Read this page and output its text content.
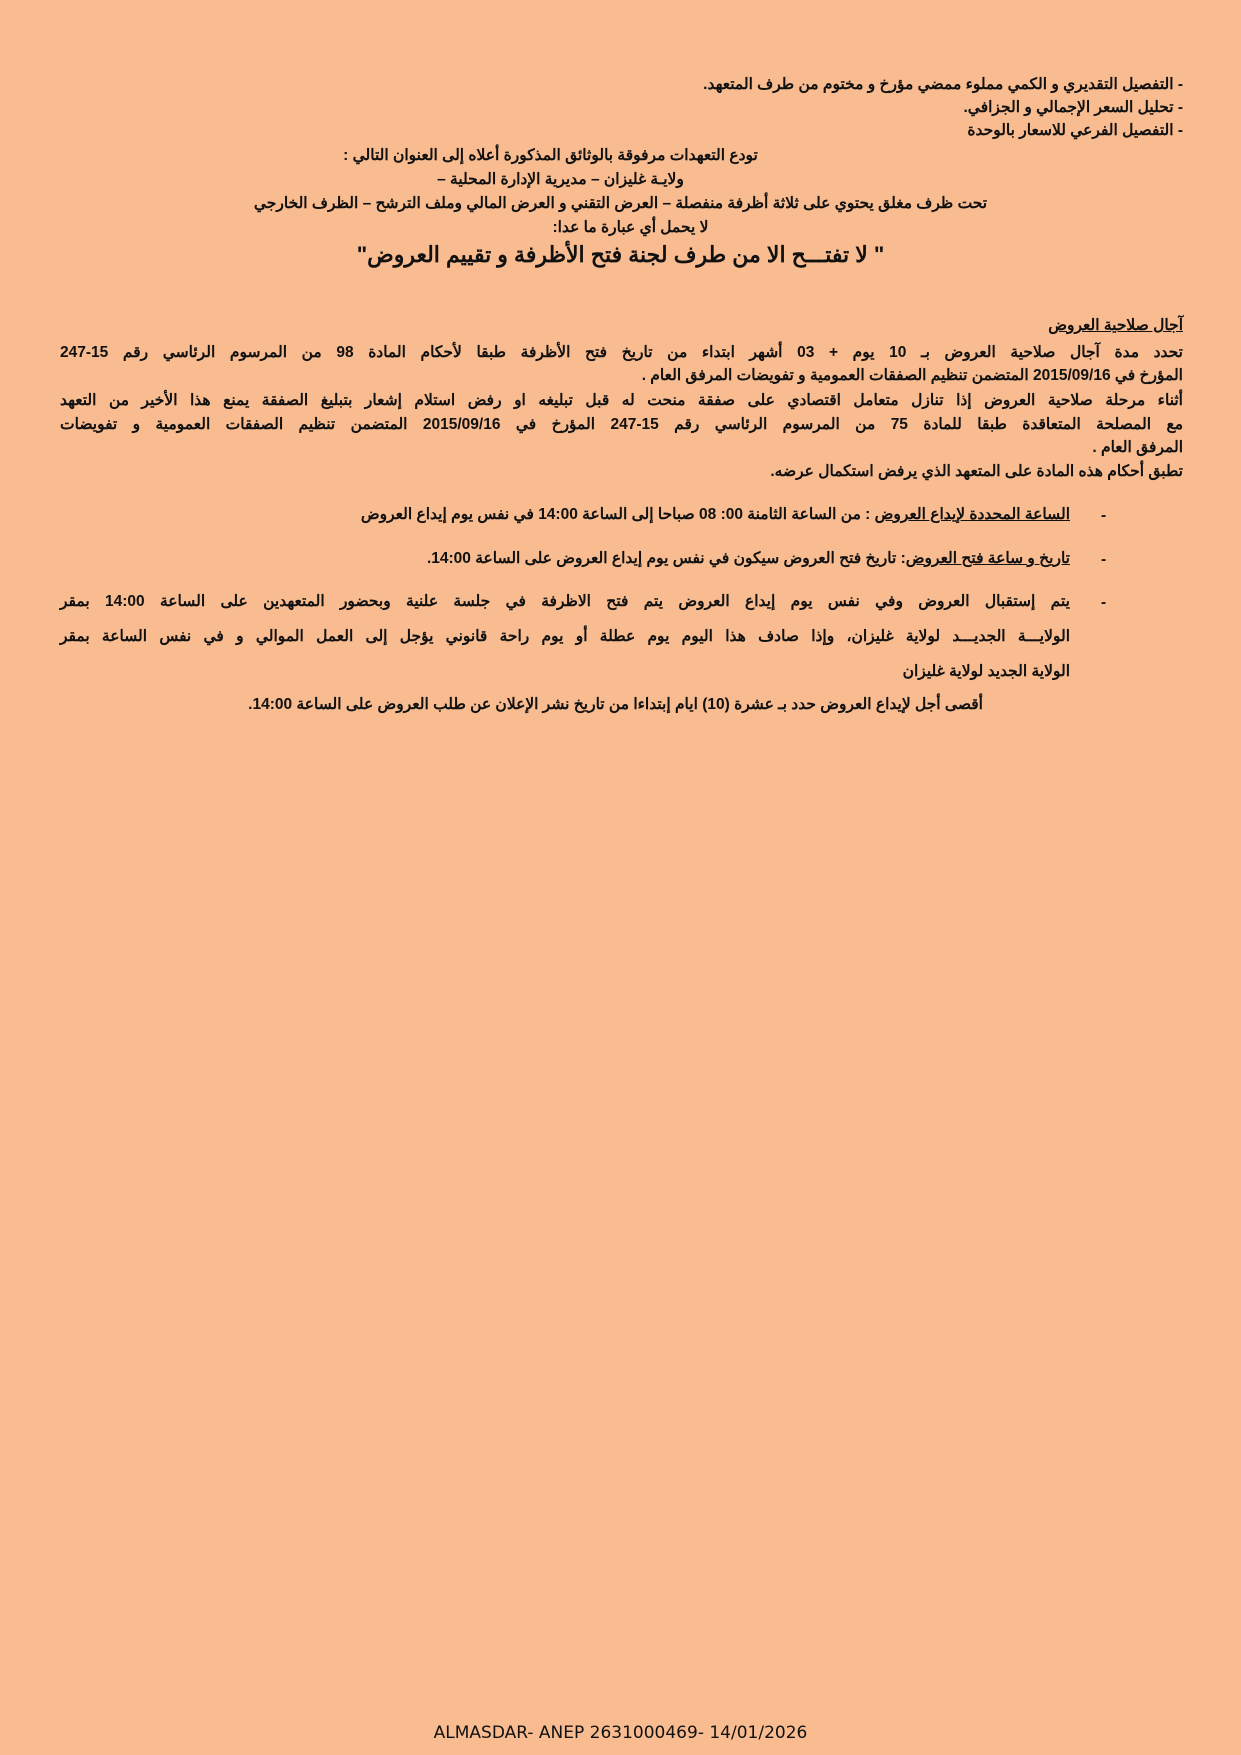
- التفصيل التقديري و الكمي مملوء ممضي مؤرخ و مختوم من طرف المتعهد.
- تحليل السعر الإجمالي و الجزافي.
- التفصيل الفرعي للاسعار بالوحدة
تودع التعهدات مرفوقة بالوثائق المذكورة أعلاه إلى العنوان التالي :
ولايـة غليزان – مديرية الإدارة المحلية –
تحت ظرف مغلق يحتوي على ثلاثة أظرفة منفصلة – العرض التقني و العرض المالي وملف الترشح – الظرف الخارجي
لا يحمل أي عبارة ما عدا:
" لا تفتـــح الا من طرف لجنة فتح الأظرفة و تقييم العروض"
آجال صلاحية العروض
تحدد مدة آجال صلاحية العروض بـ 10 يوم + 03 أشهر ابتداء من تاريخ فتح الأظرفة طبقا لأحكام المادة 98 من المرسوم الرئاسي رقم 15-247
المؤرخ في 2015/09/16 المتضمن تنظيم الصفقات العمومية و تفويضات المرفق العام .
أثناء مرحلة صلاحية العروض إذا تنازل متعامل اقتصادي على صفقة منحت له قبل تبليغه او رفض استلام إشعار بتبليغ الصفقة يمنع هذا الأخير من التعهد
مع المصلحة المتعاقدة طبقا للمادة 75 من المرسوم الرئاسي رقم 15-247 المؤرخ في 2015/09/16 المتضمن تنظيم الصفقات العمومية و تفويضات
المرفق العام .
تطبق أحكام هذه المادة على المتعهد الذي يرفض استكمال عرضه.
-
الساعة المحددة لإيداع العروض : من الساعة الثامنة 00: 08 صباحا إلى الساعة 14:00 في نفس يوم إيداع العروض
-
تاريخ و ساعة فتح العروض: تاريخ فتح العروض سيكون في نفس يوم إيداع العروض على الساعة 14:00.
-
يتم إستقبال العروض وفي نفس يوم إيداع العروض يتم فتح الاظرفة في جلسة علنية وبحضور المتعهدين على الساعة 14:00 بمقر
الولايـــة الجديـــد لولاية غليزان، وإذا صادف هذا اليوم يوم عطلة أو يوم راحة قانوني يؤجل إلى العمل الموالي و في نفس الساعة بمقر
الولاية الجديد لولاية غليزان
أقصى أجل لإيداع العروض حدد بـ عشرة (10) ايام إبتداءا من تاريخ نشر الإعلان عن طلب العروض على الساعة 14:00.
ALMASDAR- ANEP 2631000469- 14/01/2026
